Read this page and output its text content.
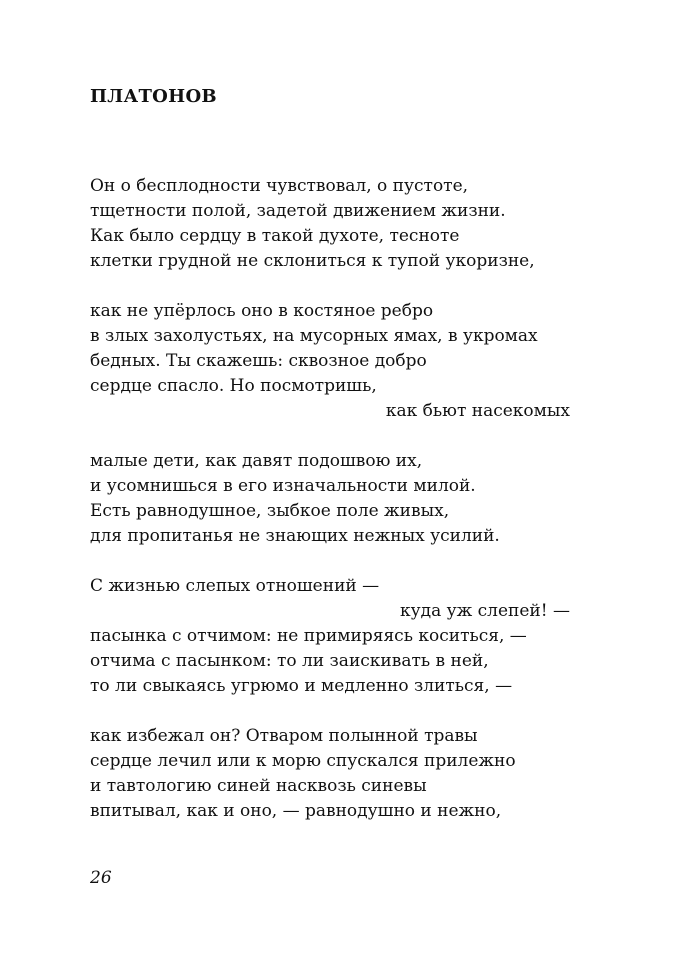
ПЛАТОНОВ
Он о бесплодности чувствовал, о пустоте,
тщетности полой, задетой движением жизни.
Как было сердцу в такой духоте, тесноте
клетки грудной не склониться к тупой укоризне,
как не упёрлось оно в костяное ребро
в злых захолустьях, на мусорных ямах, в укромах
бедных. Ты скажешь: сквозное добро
сердце спасло. Но посмотришь,
как бьют насекомых
малые дети, как давят подошвою их,
и усомнишься в его изначальности милой.
Есть равнодушное, зыбкое поле живых,
для пропитанья не знающих нежных усилий.
С жизнью слепых отношений —
куда уж слепей! —
пасынка с отчимом: не примиряясь коситься, —
отчима с пасынком: то ли заискивать в ней,
то ли свыкаясь угрюмо и медленно злиться, —
как избежал он? Отваром полынной травы
сердце лечил или к морю спускался прилежно
и тавтологию синей насквозь синевы
впитывал, как и оно, — равнодушно и нежно,
26
